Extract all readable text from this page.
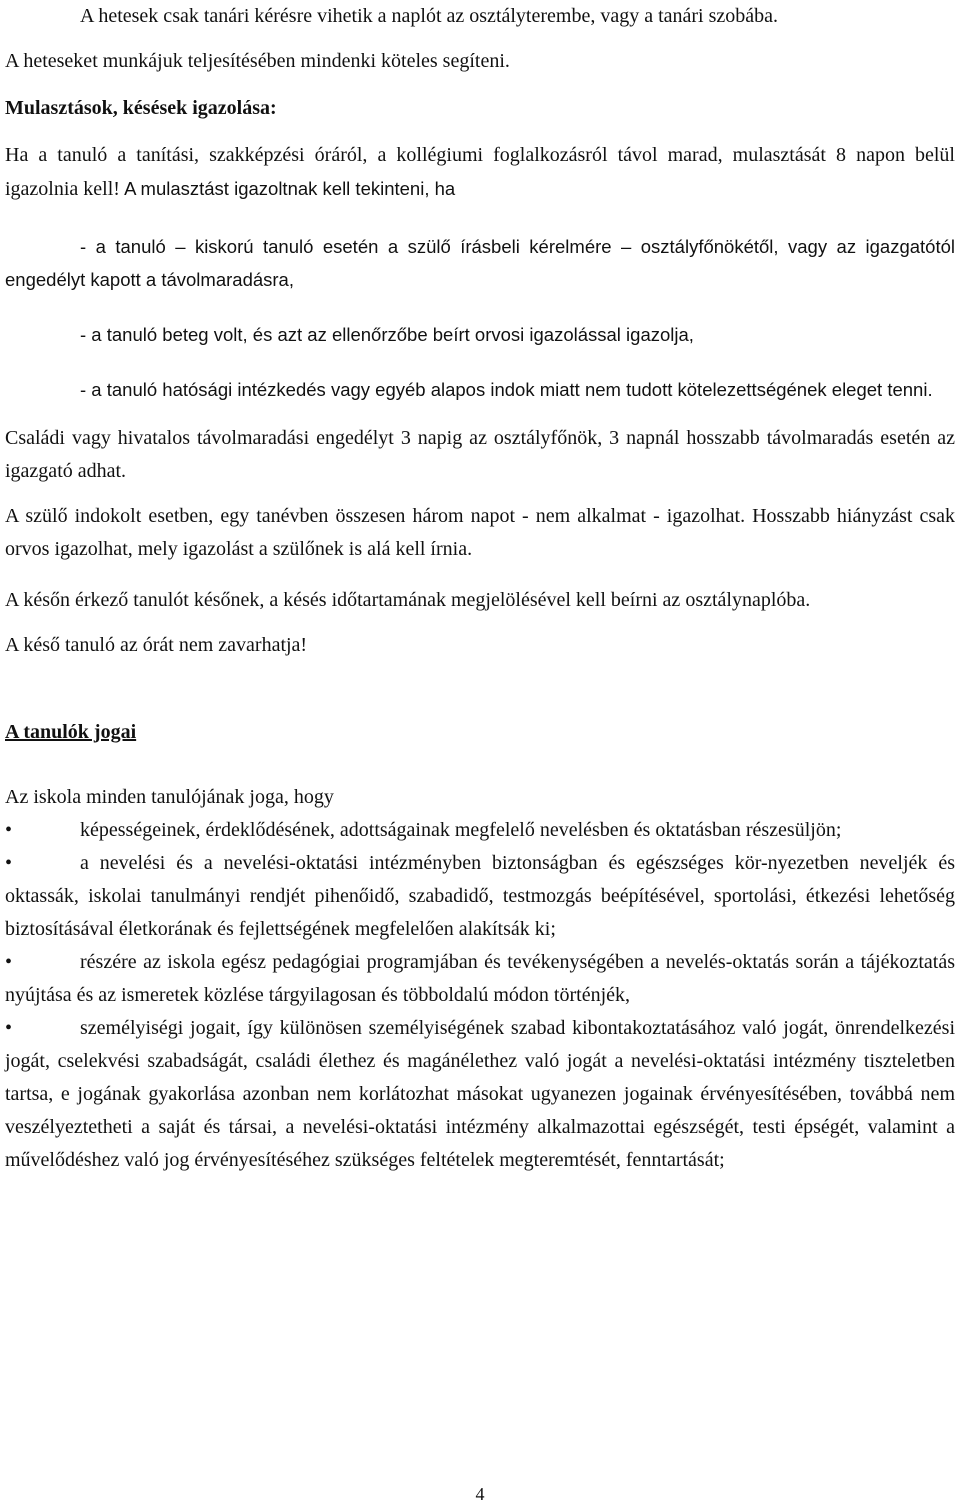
A hetesek csak tanári kérésre vihetik a naplót az osztályterembe, vagy a tanári szobába.

A heteseket munkájuk teljesítésében mindenki köteles segíteni.

Mulasztások, késések igazolása:

Ha a tanuló a tanítási, szakképzési óráról, a kollégiumi foglalkozásról távol marad, mulasztását 8 napon belül igazolnia kell! A mulasztást igazoltnak kell tekinteni, ha

- a tanuló – kiskorú tanuló esetén a szülő írásbeli kérelmére – osztályfőnökétől, vagy az igazgatótól engedélyt kapott a távolmaradásra,

- a tanuló beteg volt, és azt az ellenőrzőbe beírt orvosi igazolással igazolja,

- a tanuló hatósági intézkedés vagy egyéb alapos indok miatt nem tudott kötelezettségének eleget tenni.

Családi vagy hivatalos távolmaradási engedélyt 3 napig az osztályfőnök, 3 napnál hosszabb távolmaradás esetén az igazgató adhat.

A szülő indokolt esetben, egy tanévben összesen három napot - nem alkalmat - igazolhat. Hosszabb hiányzást csak orvos igazolhat, mely igazolást a szülőnek is alá kell írnia.

A későn érkező tanulót későnek, a késés időtartamának megjelölésével kell beírni az osztálynaplóba.

A késő tanuló az órát nem zavarhatja!

A tanulók jogai

Az iskola minden tanulójának joga, hogy

•	képességeinek, érdeklődésének, adottságainak megfelelő nevelésben és oktatásban részesüljön;

•	a nevelési és a nevelési-oktatási intézményben biztonságban és egészséges kör-nyezetben neveljék és oktassák, iskolai tanulmányi rendjét pihenőidő, szabadidő, testmozgás beépítésével, sportolási, étkezési lehetőség biztosításával életkorának és fejlettségének megfelelően alakítsák ki;

•	részére az iskola egész pedagógiai programjában és tevékenységében a nevelés-oktatás során a tájékoztatás nyújtása és az ismeretek közlése tárgyilagosan és többoldalú módon történjék,

•	személyiségi jogait, így különösen személyiségének szabad kibontakoztatásához való jogát, önrendelkezési jogát, cselekvési szabadságát, családi élethez és magánélethez való jogát a nevelési-oktatási intézmény tiszteletben tartsa, e jogának gyakorlása azonban nem korlátozhat másokat ugyanezen jogainak érvényesítésében, továbbá nem veszélyeztetheti a saját és társai, a nevelési-oktatási intézmény alkalmazottai egészségét, testi épségét, valamint a művelődéshez való jog érvényesítéséhez szükséges feltételek megteremtését, fenntartását;

4
